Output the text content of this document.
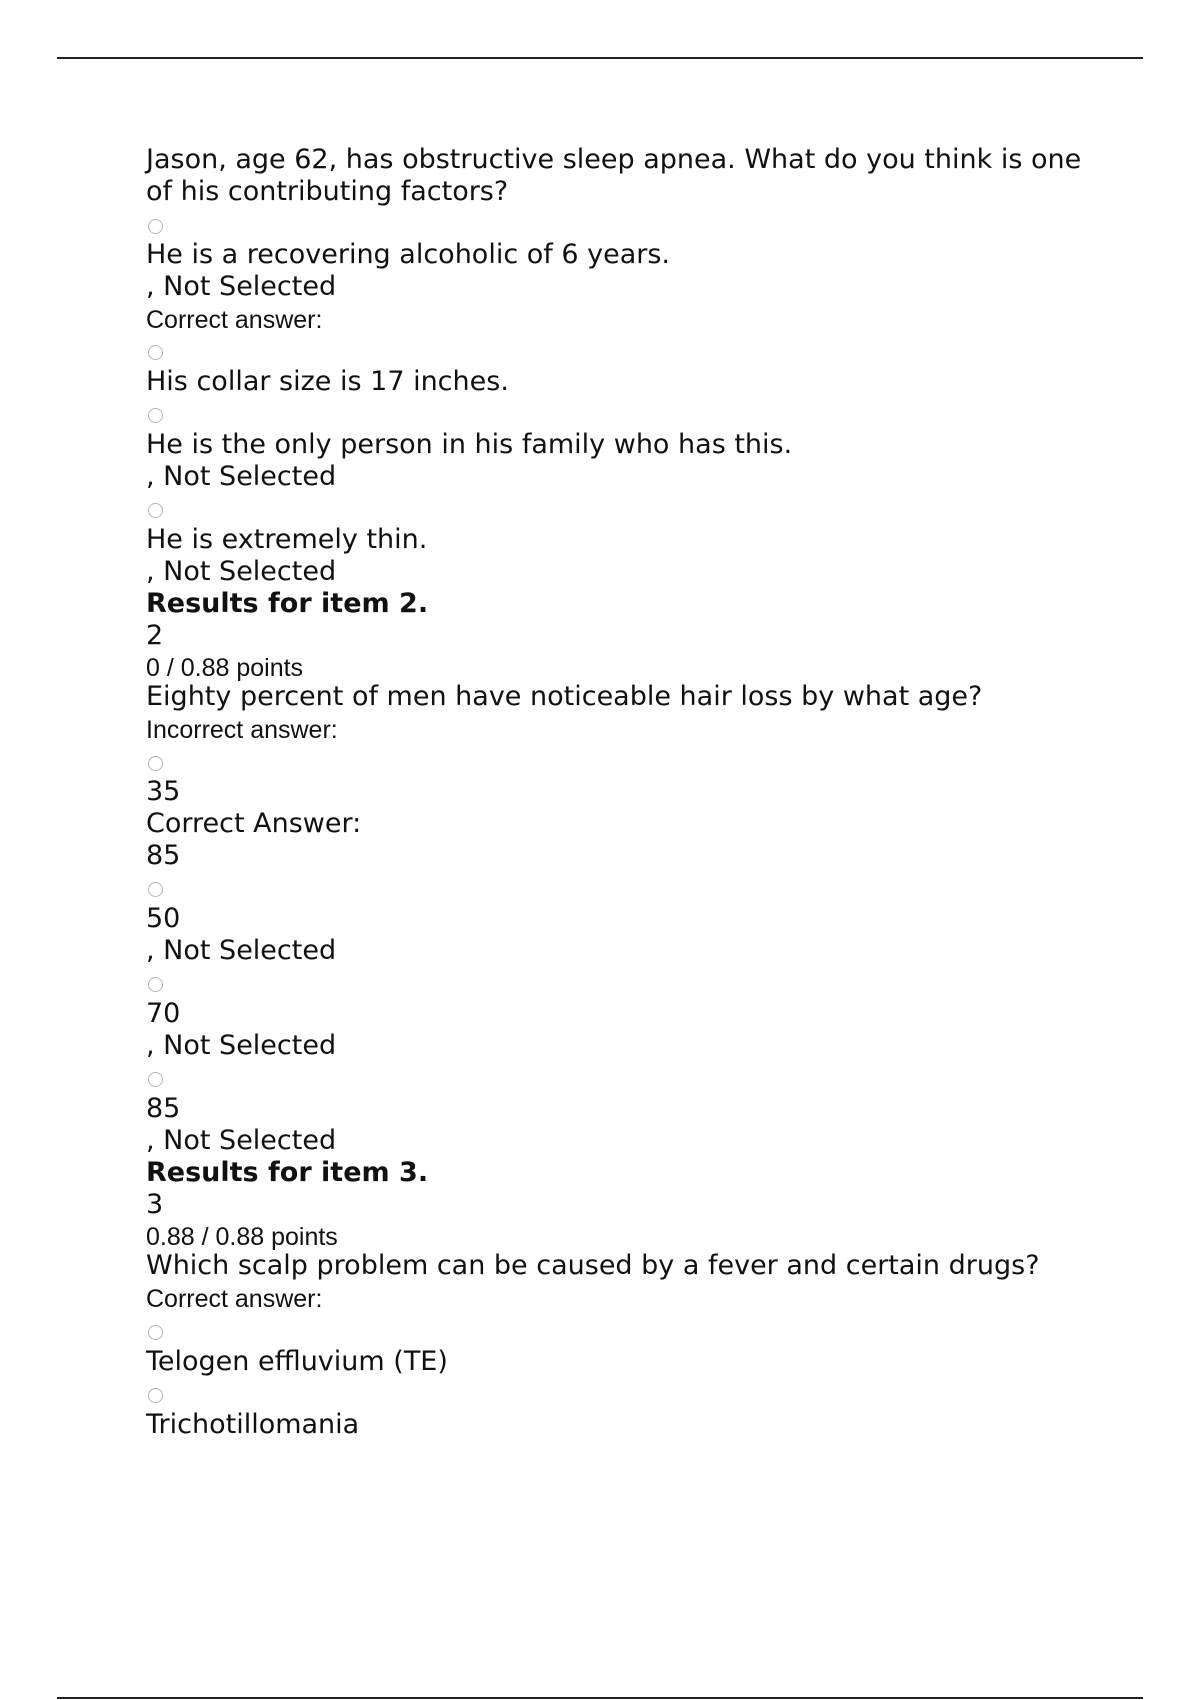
Jason, age 62, has obstructive sleep apnea. What do you think is one of his contributing factors?
He is a recovering alcoholic of 6 years.
, Not Selected
Correct answer:
His collar size is 17 inches.
He is the only person in his family who has this.
, Not Selected
He is extremely thin.
, Not Selected
Results for item 2.
2
0 / 0.88 points
Eighty percent of men have noticeable hair loss by what age?
Incorrect answer:
35
Correct Answer:
85
50
, Not Selected
70
, Not Selected
85
, Not Selected
Results for item 3.
3
0.88 / 0.88 points
Which scalp problem can be caused by a fever and certain drugs?
Correct answer:
Telogen effluvium (TE)
Trichotillomania
